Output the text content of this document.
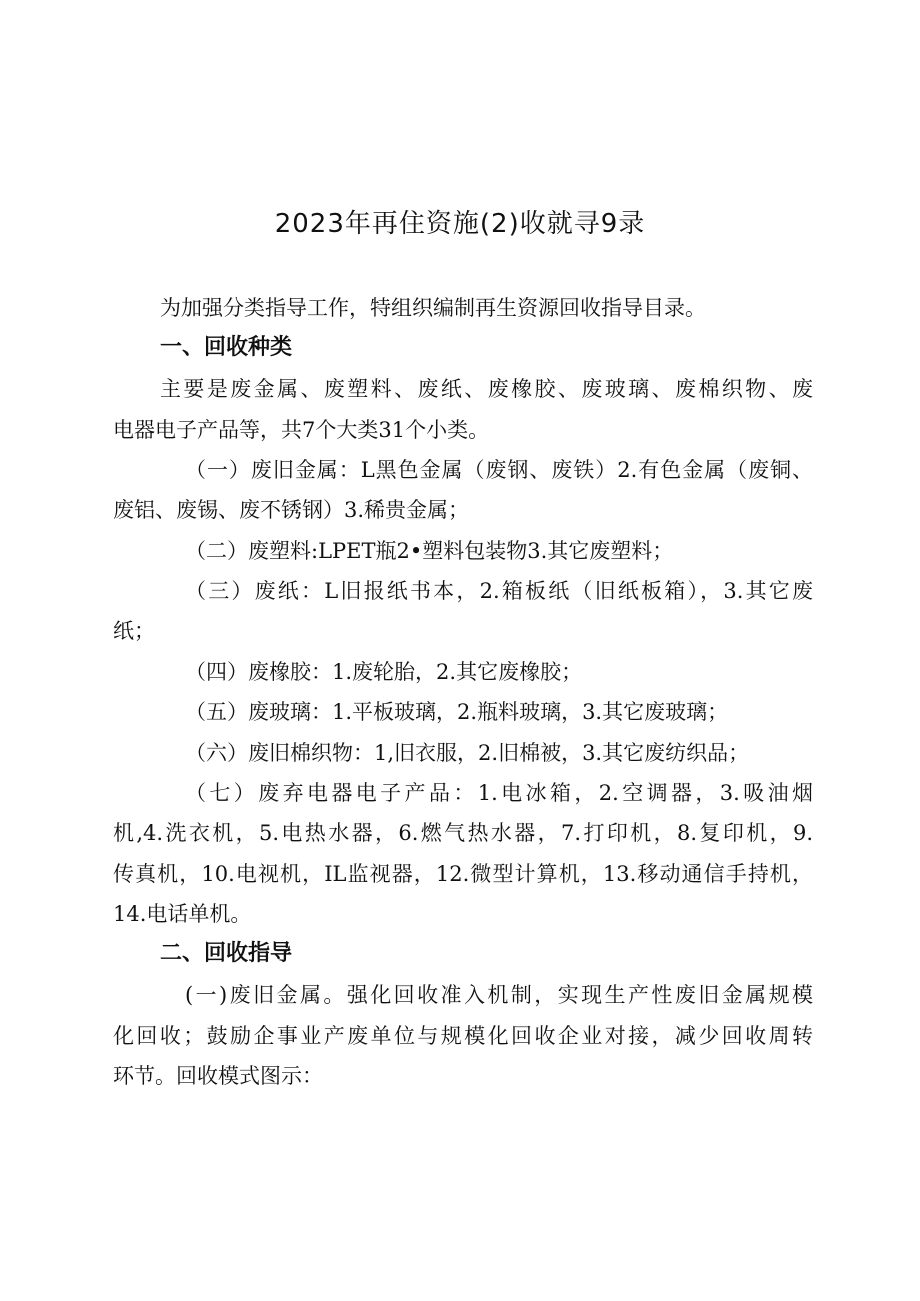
2023年再住资施(2)收就寻9录

为加强分类指导工作，特组织编制再生资源回收指导目录。

一、回收种类

主要是废金属、废塑料、废纸、废橡胶、废玻璃、废棉织物、废

电器电子产品等，共7个大类31个小类。

（一）废旧金属：L黑色金属（废钢、废铁）2.有色金属（废铜、

废铝、废锡、废不锈钢）3.稀贵金属；

（二）废塑料:LPET瓶2•塑料包装物3.其它废塑料；

（三）废纸：L旧报纸书本，2.箱板纸（旧纸板箱），3.其它废

纸；

（四）废橡胶：1.废轮胎，2.其它废橡胶；

（五）废玻璃：1.平板玻璃，2.瓶料玻璃，3.其它废玻璃；

（六）废旧棉织物：1,旧衣服，2.旧棉被，3.其它废纺织品；

（七）废弃电器电子产品：1.电冰箱，2.空调器，3.吸油烟

机,4.洗衣机，5.电热水器，6.燃气热水器，7.打印机，8.复印机，9.

传真机，10.电视机，IL监视器，12.微型计算机，13.移动通信手持机，

14.电话单机。

二、回收指导

(一)废旧金属。强化回收准入机制，实现生产性废旧金属规模

化回收；鼓励企事业产废单位与规模化回收企业对接，减少回收周转

环节。回收模式图示：
